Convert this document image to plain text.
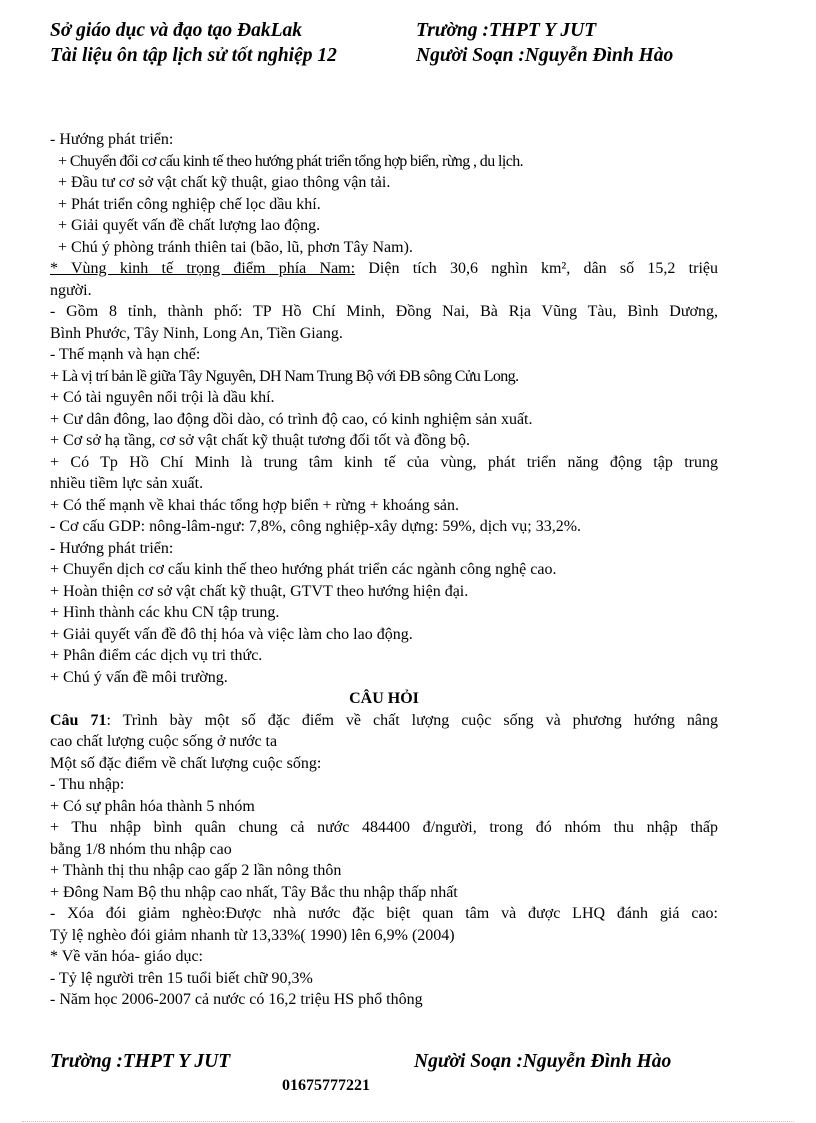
Sở giáo dục và đạo tạo ĐakLak
Tài liệu ôn tập lịch sử tốt nghiệp 12
Trường :THPT Y JUT
Người Soạn :Nguyễn Đình Hào
- Hướng phát triển:
+ Chuyển đổi cơ cấu kinh tế theo hướng phát triển tổng hợp biển, rừng , du lịch.
+ Đầu tư cơ sở vật chất kỹ thuật, giao thông vận tải.
+ Phát triển công nghiệp chế lọc dầu khí.
+ Giải quyết vấn đề chất lượng lao động.
+ Chú ý phòng tránh thiên tai (bão, lũ, phơn Tây Nam).
* Vùng kinh tế trọng điểm phía Nam: Diện tích 30,6 nghìn km², dân số 15,2 triệu
người.
- Gồm 8 tỉnh, thành phố: TP Hồ Chí Minh, Đồng Nai, Bà Rịa Vũng Tàu, Bình Dương,
Bình Phước, Tây Ninh, Long An, Tiền Giang.
- Thế mạnh và hạn chế:
+ Là vị trí bản lề giữa Tây Nguyên, DH Nam Trung Bộ với ĐB sông Cửu Long.
+ Có tài nguyên nổi trội là dầu khí.
+ Cư dân đông, lao động dồi dào, có trình độ cao, có kinh nghiệm sản xuất.
+ Cơ sở hạ tầng, cơ sở vật chất kỹ thuật tương đối tốt và đồng bộ.
+ Có Tp Hồ Chí Minh là trung tâm kinh tế của vùng, phát triển năng động tập trung
nhiều tiềm lực sản xuất.
+ Có thế mạnh về khai thác tổng hợp biển + rừng + khoáng sản.
- Cơ cấu GDP: nông-lâm-ngư: 7,8%, công nghiệp-xây dựng: 59%, dịch vụ; 33,2%.
- Hướng phát triển:
+ Chuyển dịch cơ cấu kinh thế theo hướng phát triển các ngành công nghệ cao.
+ Hoàn thiện cơ sở vật chất kỹ thuật, GTVT theo hướng hiện đại.
+ Hình thành các khu CN tập trung.
+ Giải quyết vấn đề đô thị hóa và việc làm cho lao động.
+ Phân điểm các dịch vụ tri thức.
+ Chú ý vấn đề môi trường.
CÂU HỎI
Câu 71: Trình bày một số đặc điểm về chất lượng cuộc sống và phương hướng nâng
cao chất lượng cuộc sống ở nước ta
Một số đặc điểm về chất lượng cuộc sống:
- Thu nhập:
+ Có sự phân hóa thành 5 nhóm
+ Thu nhập bình quân chung cả nước 484400 đ/người, trong đó nhóm thu nhập thấp
bằng 1/8 nhóm thu nhập cao
+ Thành thị thu nhập cao gấp 2 lần nông thôn
+ Đông Nam Bộ thu nhập cao nhất, Tây Bắc thu nhập thấp nhất
- Xóa đói giảm nghèo:Được nhà nước đặc biệt quan tâm và được LHQ đánh giá cao:
Tỷ lệ nghèo đói giảm nhanh từ 13,33%( 1990) lên 6,9% (2004)
* Về văn hóa- giáo dục:
- Tỷ lệ người trên 15 tuổi biết chữ 90,3%
- Năm học 2006-2007 cả nước có 16,2 triệu HS phổ thông
Trường :THPT Y JUT	Người Soạn :Nguyễn Đình Hào
01675777221
